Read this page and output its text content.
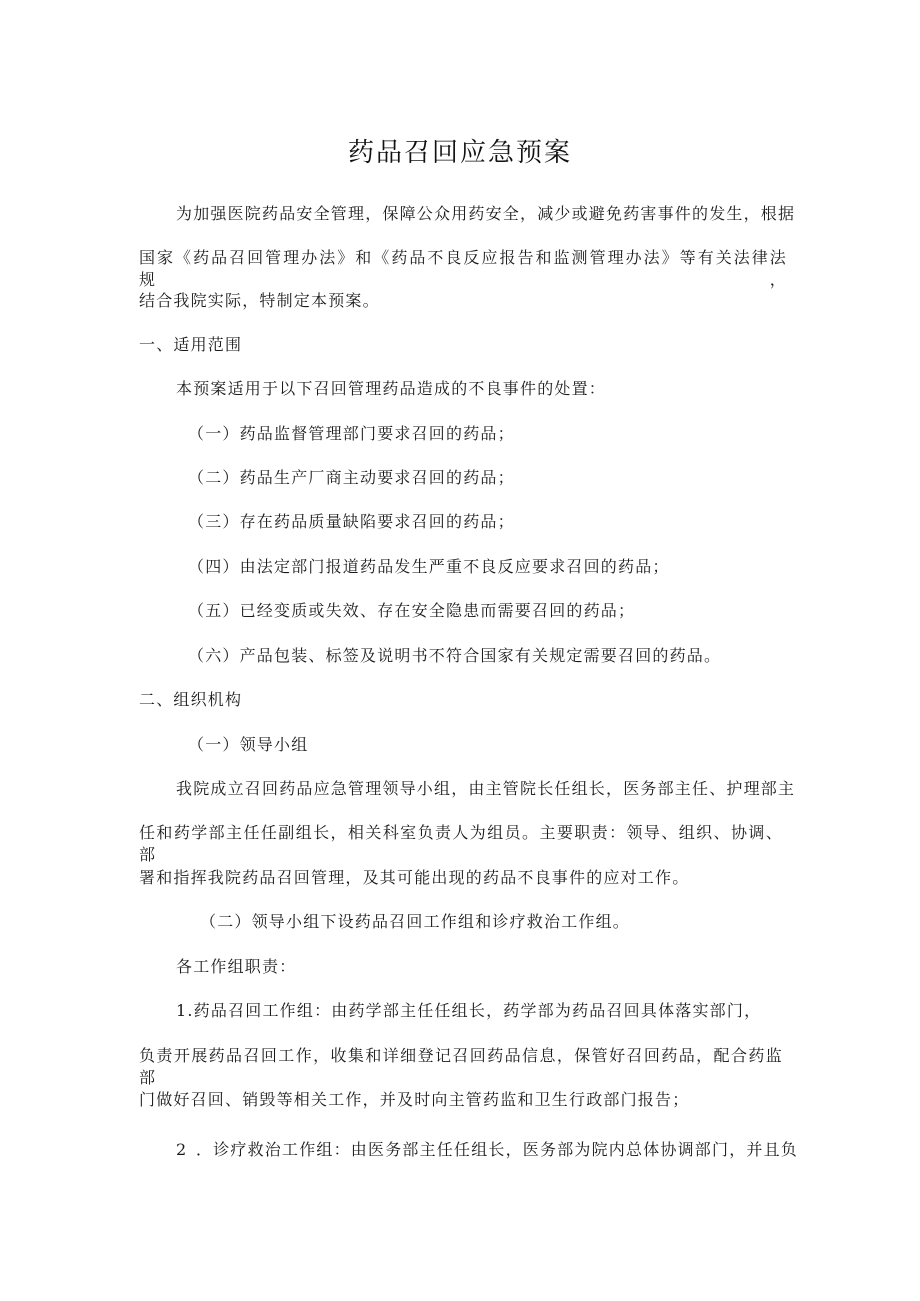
药品召回应急预案
为加强医院药品安全管理，保障公众用药安全，减少或避免药害事件的发生，根据
国家《药品召回管理办法》和《药品不良反应报告和监测管理办法》等有关法律法规，
结合我院实际，特制定本预案。
一、适用范围
本预案适用于以下召回管理药品造成的不良事件的处置：
（一）药品监督管理部门要求召回的药品；
（二）药品生产厂商主动要求召回的药品；
（三）存在药品质量缺陷要求召回的药品；
（四）由法定部门报道药品发生严重不良反应要求召回的药品；
（五）已经变质或失效、存在安全隐患而需要召回的药品；
（六）产品包装、标签及说明书不符合国家有关规定需要召回的药品。
二、组织机构
（一）领导小组
我院成立召回药品应急管理领导小组，由主管院长任组长，医务部主任、护理部主
任和药学部主任任副组长，相关科室负责人为组员。主要职责：领导、组织、协调、部
署和指挥我院药品召回管理，及其可能出现的药品不良事件的应对工作。
（二）领导小组下设药品召回工作组和诊疗救治工作组。
各工作组职责：
1.药品召回工作组：由药学部主任任组长，药学部为药品召回具体落实部门，
负责开展药品召回工作，收集和详细登记召回药品信息，保管好召回药品，配合药监部
门做好召回、销毁等相关工作，并及时向主管药监和卫生行政部门报告；
2 ．诊疗救治工作组：由医务部主任任组长，医务部为院内总体协调部门，并且负
